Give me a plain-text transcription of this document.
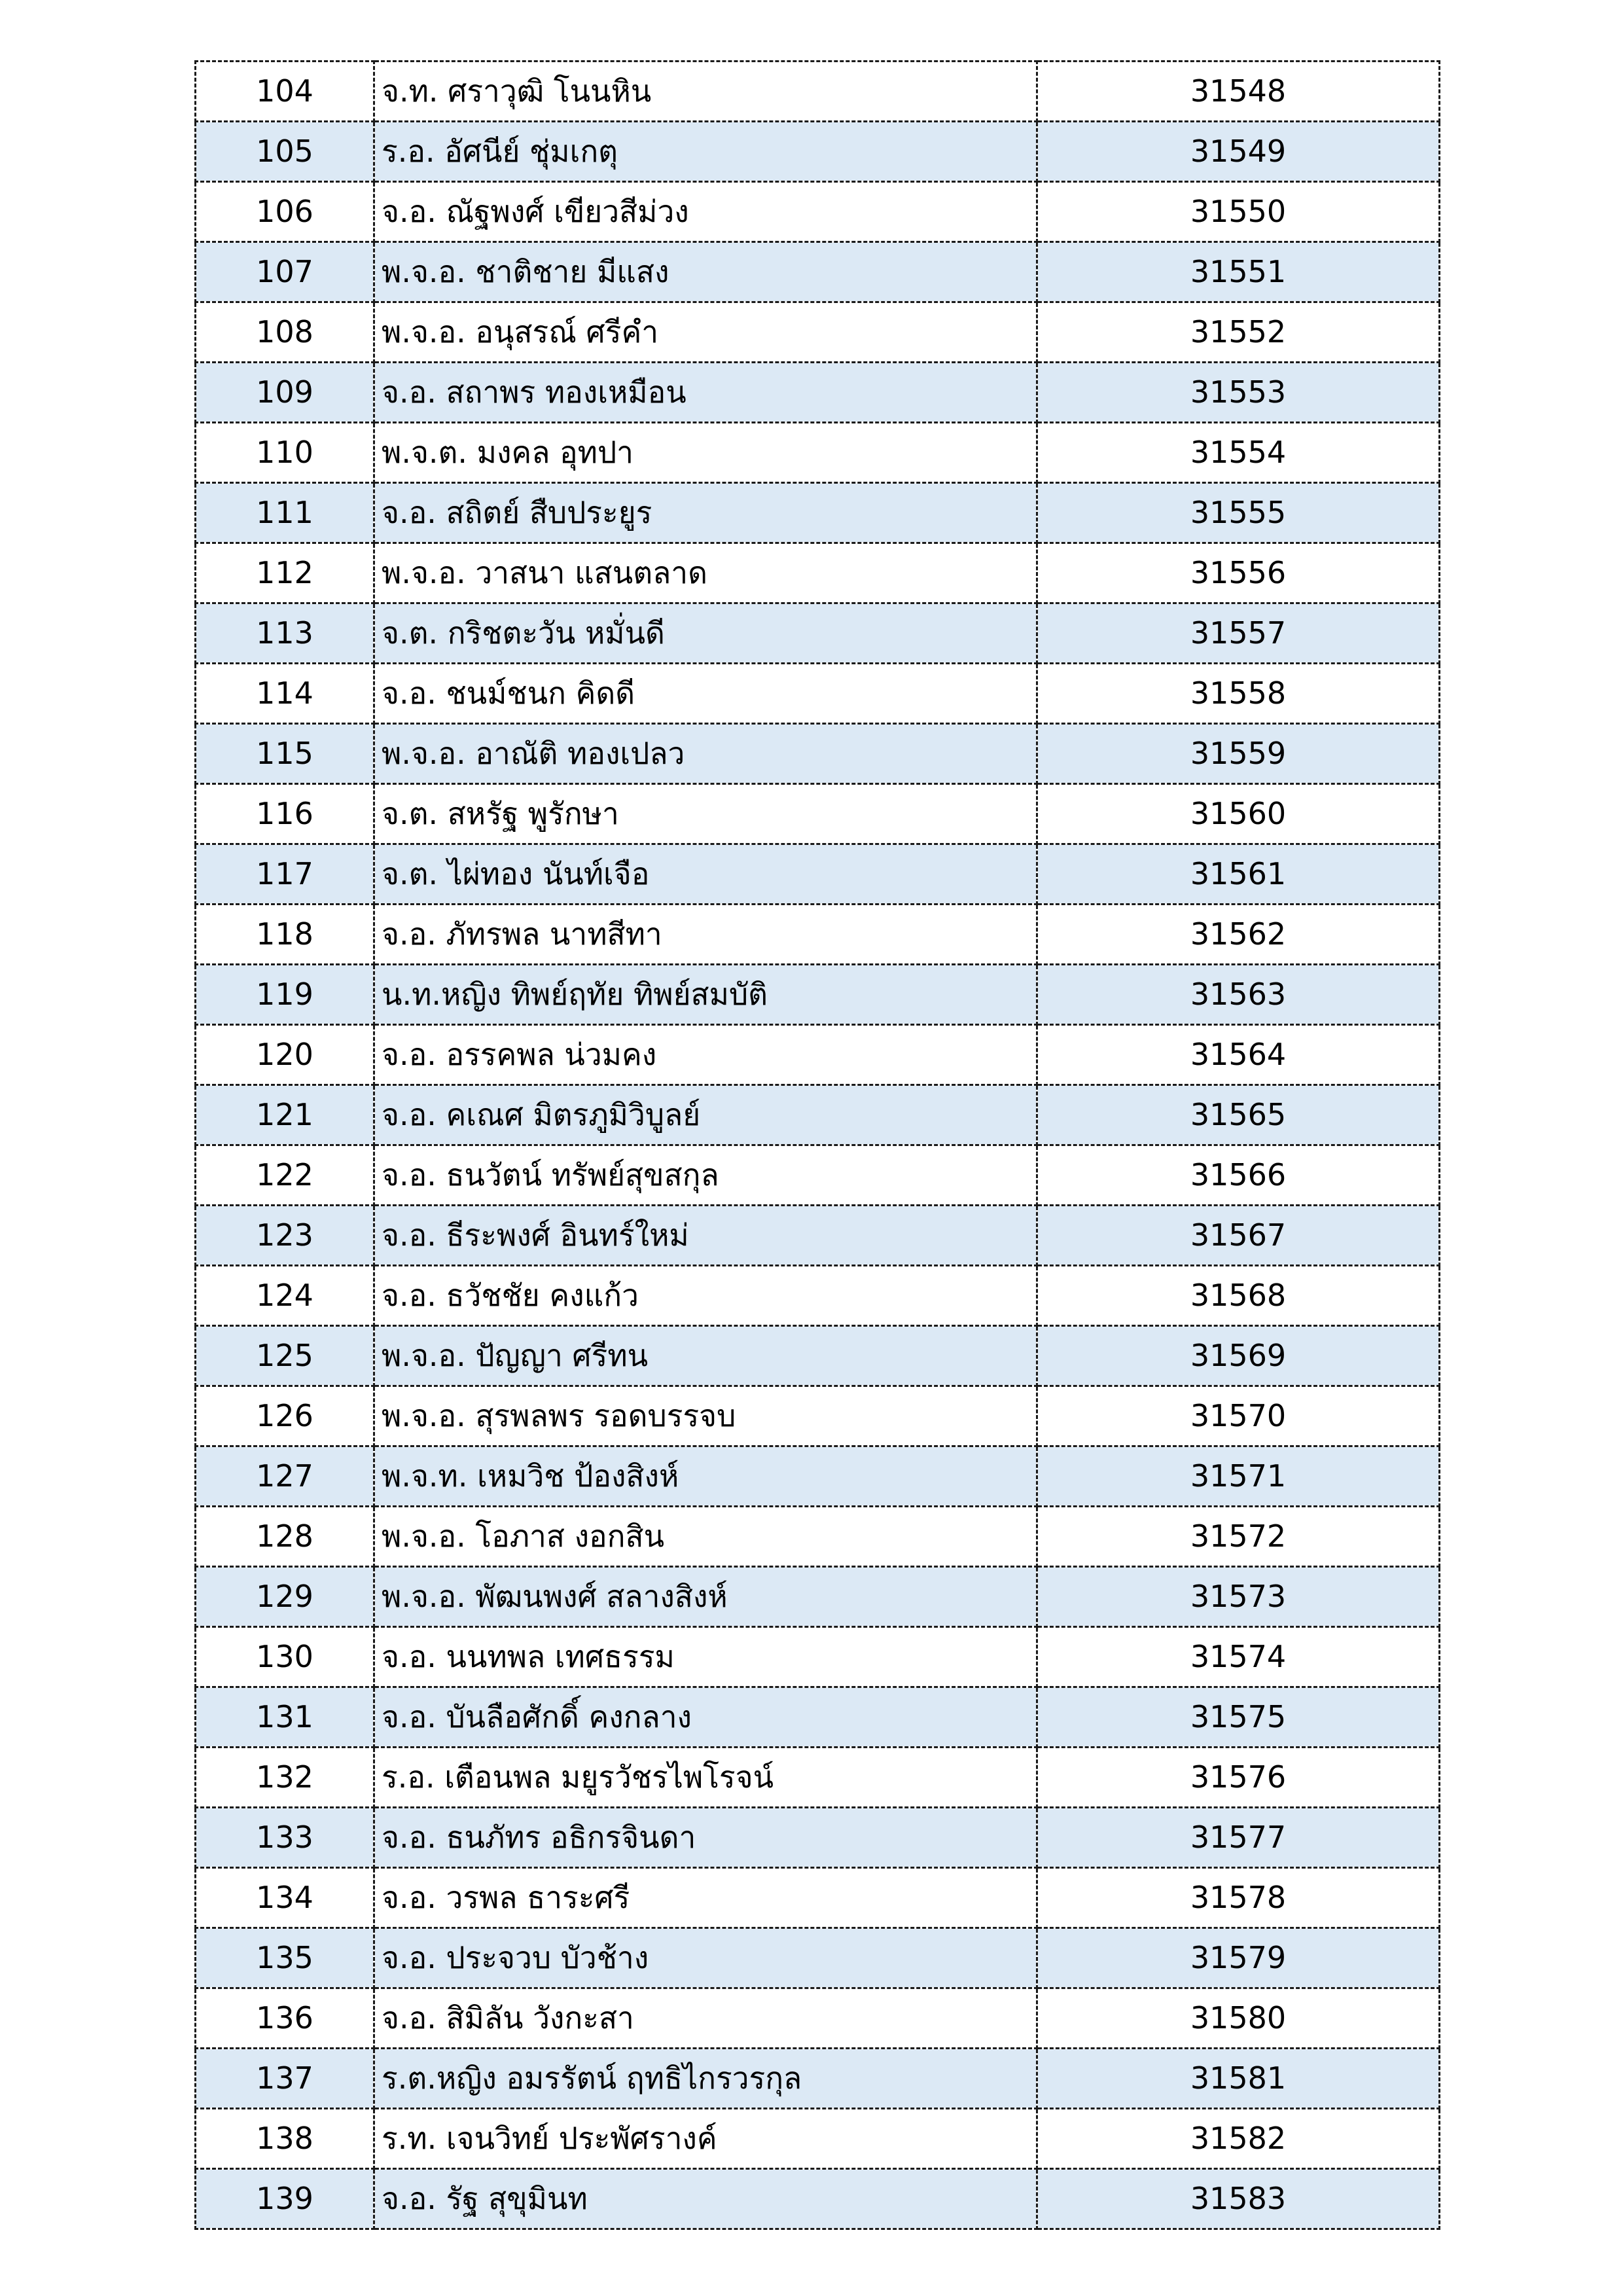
104	จ.ท. ศราวุฒิ โนนหิน	31548
105	ร.อ. อัศนีย์ ชุ่มเกตุ	31549
106	จ.อ. ณัฐพงศ์ เขียวสีม่วง	31550
107	พ.จ.อ. ชาติชาย มีแสง	31551
108	พ.จ.อ. อนุสรณ์ ศรีคำ	31552
109	จ.อ. สถาพร ทองเหมือน	31553
110	พ.จ.ต. มงคล อุทปา	31554
111	จ.อ. สถิตย์ สืบประยูร	31555
112	พ.จ.อ. วาสนา แสนตลาด	31556
113	จ.ต. กริชตะวัน หมั่นดี	31557
114	จ.อ. ชนม์ชนก คิดดี	31558
115	พ.จ.อ. อาณัติ ทองเปลว	31559
116	จ.ต. สหรัฐ พูรักษา	31560
117	จ.ต. ไผ่ทอง นันท์เจือ	31561
118	จ.อ. ภัทรพล นาทสีทา	31562
119	น.ท.หญิง ทิพย์ฤทัย ทิพย์สมบัติ	31563
120	จ.อ. อรรคพล น่วมคง	31564
121	จ.อ. คเณศ มิตรภูมิวิบูลย์	31565
122	จ.อ. ธนวัตน์ ทรัพย์สุขสกุล	31566
123	จ.อ. ธีระพงศ์ อินทร์ใหม่	31567
124	จ.อ. ธวัชชัย คงแก้ว	31568
125	พ.จ.อ. ปัญญา ศรีทน	31569
126	พ.จ.อ. สุรพลพร รอดบรรจบ	31570
127	พ.จ.ท. เหมวิช ป้องสิงห์	31571
128	พ.จ.อ. โอภาส งอกสิน	31572
129	พ.จ.อ. พัฒนพงศ์ สลางสิงห์	31573
130	จ.อ. นนทพล เทศธรรม	31574
131	จ.อ. บันลือศักดิ์ คงกลาง	31575
132	ร.อ. เตือนพล มยูรวัชรไพโรจน์	31576
133	จ.อ. ธนภัทร อธิกรจินดา	31577
134	จ.อ. วรพล ธาระศรี	31578
135	จ.อ. ประจวบ บัวช้าง	31579
136	จ.อ. สิมิลัน วังกะสา	31580
137	ร.ต.หญิง อมรรัตน์ ฤทธิไกรวรกุล	31581
138	ร.ท. เจนวิทย์ ประพัศรางค์	31582
139	จ.อ. รัฐ สุขุมินท	31583
